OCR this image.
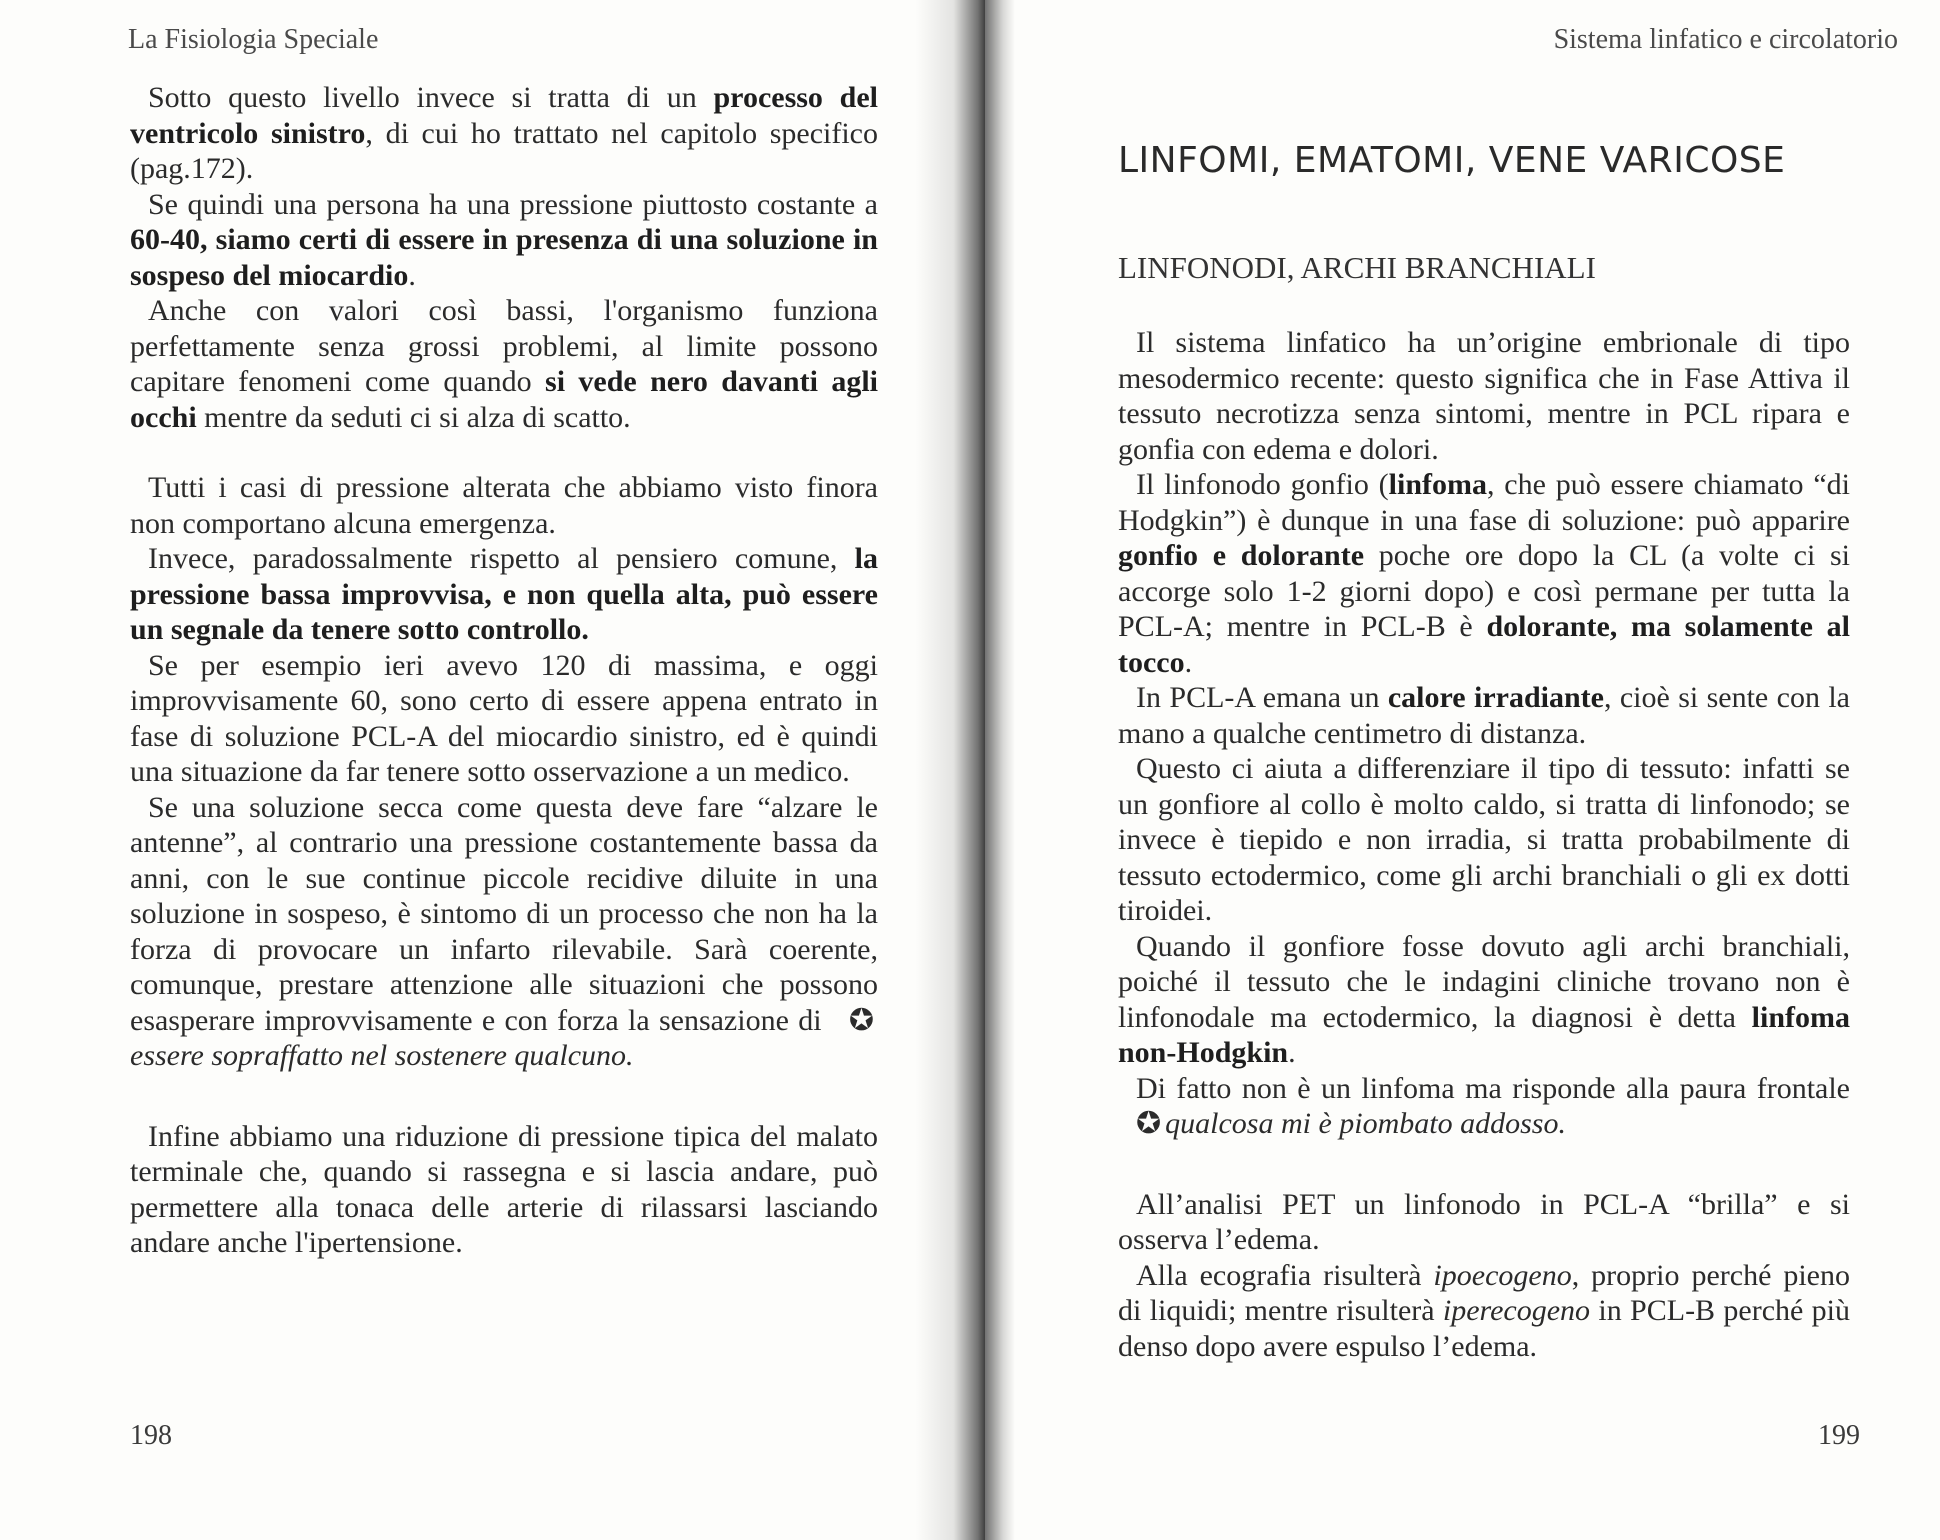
La Fisiologia Speciale

Sotto questo livello invece si tratta di un processo del ventricolo sinistro, di cui ho trattato nel capitolo specifico (pag.172).

Se quindi una persona ha una pressione piuttosto costante a 60-40, siamo certi di essere in presenza di una soluzione in sospeso del miocardio.

Anche con valori così bassi, l'organismo funziona perfettamente senza grossi problemi, al limite possono capitare fenomeni come quando si vede nero davanti agli occhi mentre da seduti ci si alza di scatto.

Tutti i casi di pressione alterata che abbiamo visto finora non comportano alcuna emergenza.

Invece, paradossalmente rispetto al pensiero comune, la pressione bassa improvvisa, e non quella alta, può essere un segnale da tenere sotto controllo.

Se per esempio ieri avevo 120 di massima, e oggi improvvisamente 60, sono certo di essere appena entrato in fase di soluzione PCL-A del miocardio sinistro, ed è quindi una situazione da far tenere sotto osservazione a un medico.

Se una soluzione secca come questa deve fare “alzare le antenne”, al contrario una pressione costantemente bassa da anni, con le sue continue piccole recidive diluite in una soluzione in sospeso, è sintomo di un processo che non ha la forza di provocare un infarto rilevabile. Sarà coerente, comunque, prestare attenzione alle situazioni che possono esasperare improvvisamente e con forza la sensazione di ✪essere sopraffatto nel sostenere qualcuno.

Infine abbiamo una riduzione di pressione tipica del malato terminale che, quando si rassegna e si lascia andare, può permettere alla tonaca delle arterie di rilassarsi lasciando andare anche l'ipertensione.

198
Sistema linfatico e circolatorio
LINFOMI, EMATOMI, VENE VARICOSE
LINFONODI, ARCHI BRANCHIALI

Il sistema linfatico ha un’origine embrionale di tipo mesodermico recente: questo significa che in Fase Attiva il tessuto necrotizza senza sintomi, mentre in PCL ripara e gonfia con edema e dolori.

Il linfonodo gonfio (linfoma, che può essere chiamato “di Hodgkin”) è dunque in una fase di soluzione: può apparire gonfio e dolorante poche ore dopo la CL (a volte ci si accorge solo 1-2 giorni dopo) e così permane per tutta la PCL-A; mentre in PCL-B è dolorante, ma solamente al tocco.

In PCL-A emana un calore irradiante, cioè si sente con la mano a qualche centimetro di distanza.

Questo ci aiuta a differenziare il tipo di tessuto: infatti se un gonfiore al collo è molto caldo, si tratta di linfonodo; se invece è tiepido e non irradia, si tratta probabilmente di tessuto ectodermico, come gli archi branchiali o gli ex dotti tiroidei.

Quando il gonfiore fosse dovuto agli archi branchiali, poiché il tessuto che le indagini cliniche trovano non è linfonodale ma ectodermico, la diagnosi è detta linfoma non-Hodgkin.

Di fatto non è un linfoma ma risponde alla paura frontale ✪ qualcosa mi è piombato addosso.

All’analisi PET un linfonodo in PCL-A “brilla” e si osserva l’edema.

Alla ecografia risulterà ipoecogeno, proprio perché pieno di liquidi; mentre risulterà iperecogeno in PCL-B perché più denso dopo avere espulso l’edema.

199
